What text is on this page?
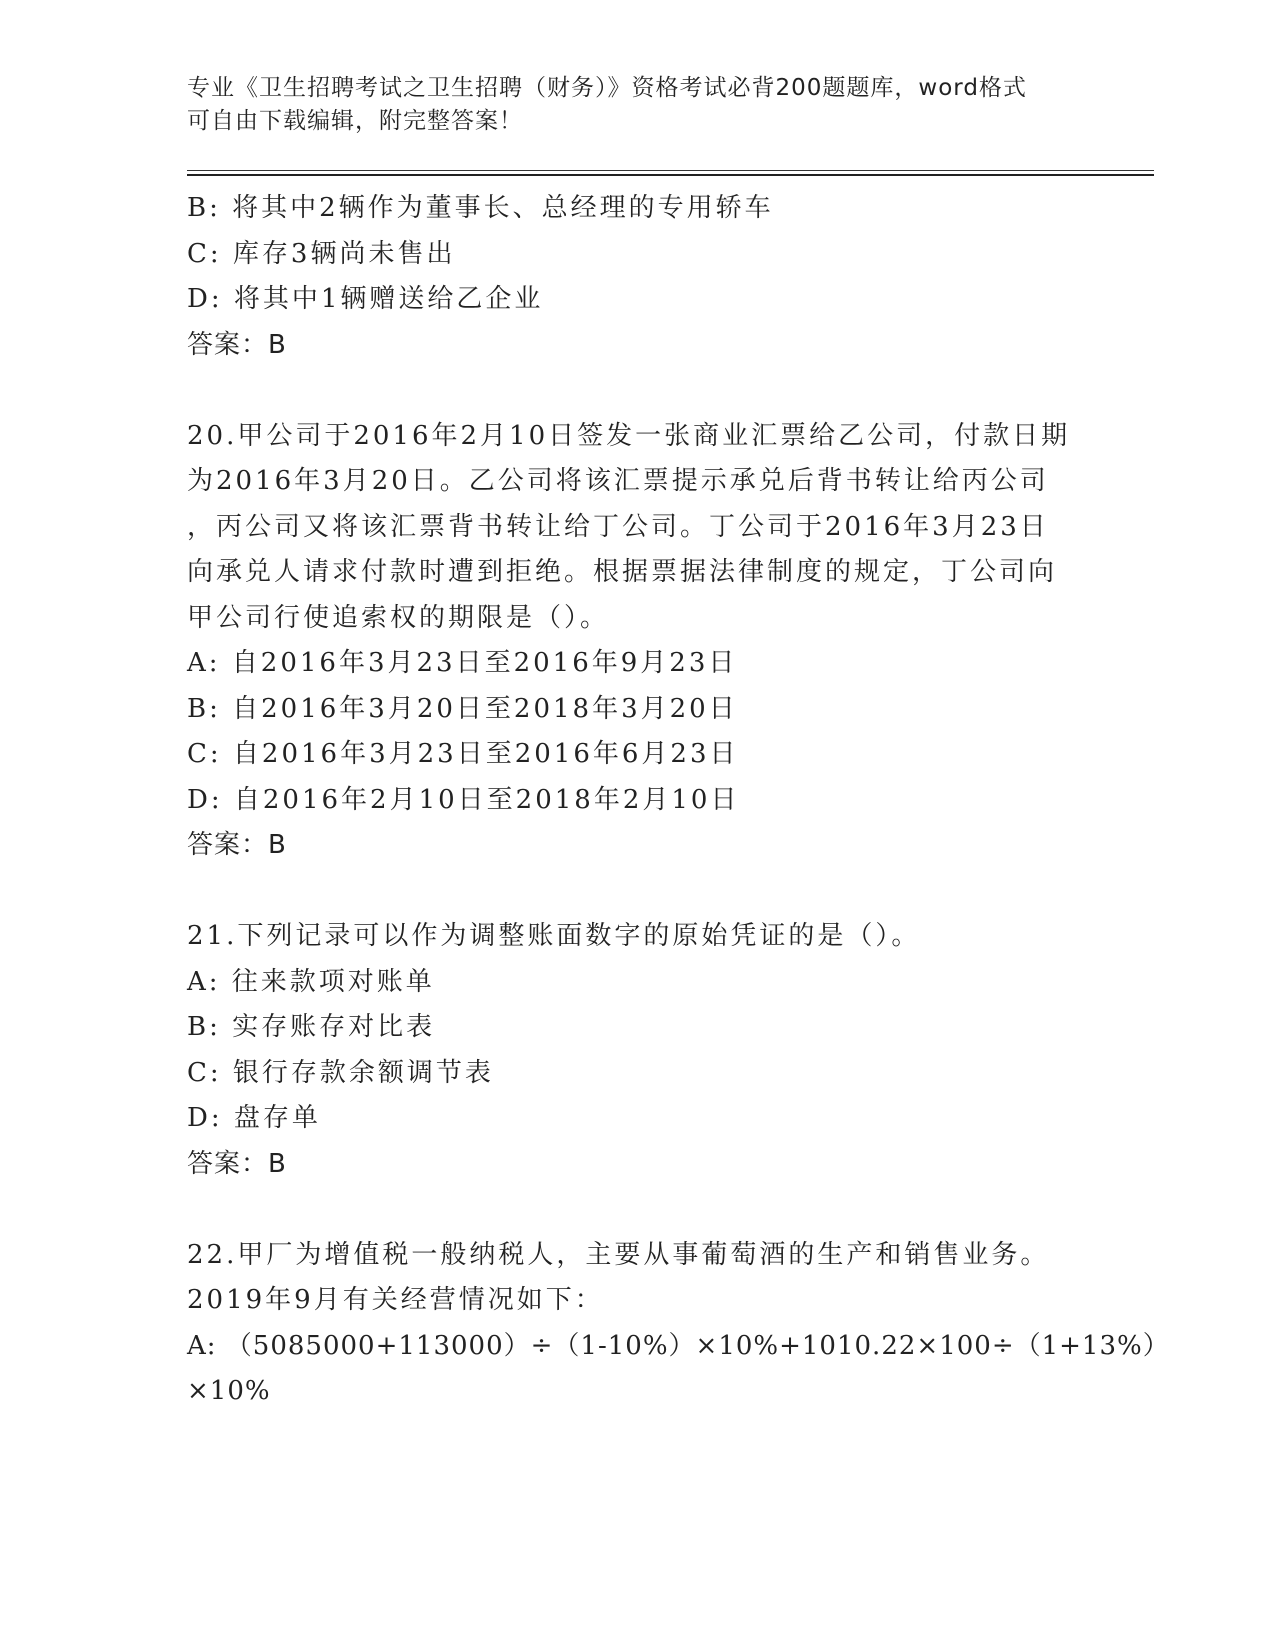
专业《卫生招聘考试之卫生招聘（财务）》资格考试必背200题题库，word格式
可自由下载编辑，附完整答案！
B: 将其中2辆作为董事长、总经理的专用轿车
C: 库存3辆尚未售出
D: 将其中1辆赠送给乙企业
答案：B
20.甲公司于2016年2月10日签发一张商业汇票给乙公司，付款日期
为2016年3月20日。乙公司将该汇票提示承兑后背书转让给丙公司
，丙公司又将该汇票背书转让给丁公司。丁公司于2016年3月23日
向承兑人请求付款时遭到拒绝。根据票据法律制度的规定，丁公司向
甲公司行使追索权的期限是（）。
A: 自2016年3月23日至2016年9月23日
B: 自2016年3月20日至2018年3月20日
C: 自2016年3月23日至2016年6月23日
D: 自2016年2月10日至2018年2月10日
答案：B
21.下列记录可以作为调整账面数字的原始凭证的是（）。
A: 往来款项对账单
B: 实存账存对比表
C: 银行存款余额调节表
D: 盘存单
答案：B
22.甲厂为增值税一般纳税人，主要从事葡萄酒的生产和销售业务。
2019年9月有关经营情况如下：
A: （5085000+113000）÷（1-10%）×10%+1010.22×100÷（1+13%）
×10%
